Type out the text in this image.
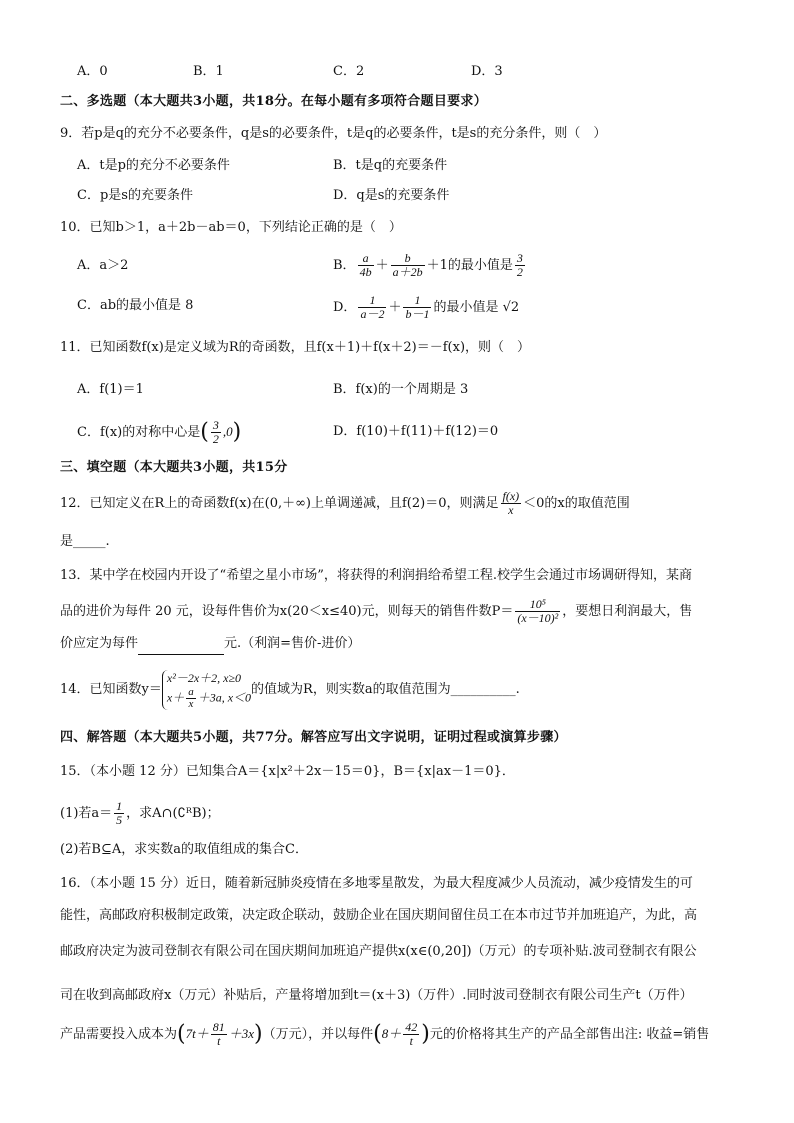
A．0	B．1	C．2	D．3
二、多选题（本大题共3小题，共18分。在每小题有多项符合题目要求）
9．若p是q的充分不必要条件，q是s的必要条件，t是q的必要条件，t是s的充分条件，则（　）
A．t是p的充分不必要条件	B．t是q的充要条件
C．p是s的充要条件	D．q是s的充要条件
10．已知b＞1，a＋2b－ab＝0，下列结论正确的是（　）
A．a＞2	B． $\frac{a}{4b} + \frac{b}{a+2b} +1$的最小值是 $\frac{3}{2}$
C．ab的最小值是 8	D． $\frac{1}{a-2} + \frac{1}{b-1}$ 的最小值是 √2
11．已知函数f(x)是定义域为R的奇函数，且f(x＋1)＋f(x＋2)＝－f(x)，则（　）
A．f(1)＝1	B．f(x)的一个周期是 3
C．f(x)的对称中心是( $\frac{3}{2} ,0$)	D．f(10)＋f(11)＋f(12)＝0
三、填空题（本大题共3小题，共15分
12．已知定义在R上的奇函数f(x)在(0,＋∞)上单调递减，且f(2)＝0，则满足 $\frac{f(x)}{x} <0$的x的取值范围
是_____.
13．某中学在校园内开设了“希望之星小市场”，将获得的利润捐给希望工程.校学生会通过市场调研得知，某商
品的进价为每件 20 元，设每件售价为x(20＜x≤40)元，则每天的销售件数$P= \frac{\text{10⁵}}{\text{(x－10)²}}$ ，要想日利润最大，售
价应定为每件	元.（利润=售价-进价）
14．已知函数y＝
x²－2x＋2, x≥0
$x+ \frac{a}{x} +3a$, x＜0 的值域为R，则实数a的取值范围为__________.
四、解答题（本大题共5小题，共77分。解答应写出文字说明，证明过程或演算步骤）
15．（本小题 12 分）已知集合A＝{x|x²＋2x－15＝0}，B＝{x|ax－1＝0}．
(1)若$a= \frac{1}{5}$ ，求A∩(∁ᴿB)；
(2)若B⊆A，求实数a的取值组成的集合C．
16．（本小题 15 分）近日，随着新冠肺炎疫情在多地零星散发，为最大程度减少人员流动，减少疫情发生的可
能性，高邮政府积极制定政策，决定政企联动，鼓励企业在国庆期间留住员工在本市过节并加班追产，为此，高
邮政府决定为波司登制衣有限公司在国庆期间加班追产提供x(x∈(0,20])（万元）的专项补贴.波司登制衣有限公
司在收到高邮政府x（万元）补贴后，产量将增加到t＝(x＋3)（万件）.同时波司登制衣有限公司生产t（万件）
产品需要投入成本为$(7t+ \frac{81}{t} +3x)$（万元），并以每件($8+ \frac{42}{t}$ )元的价格将其生产的产品全部售出注: 收益=销售
